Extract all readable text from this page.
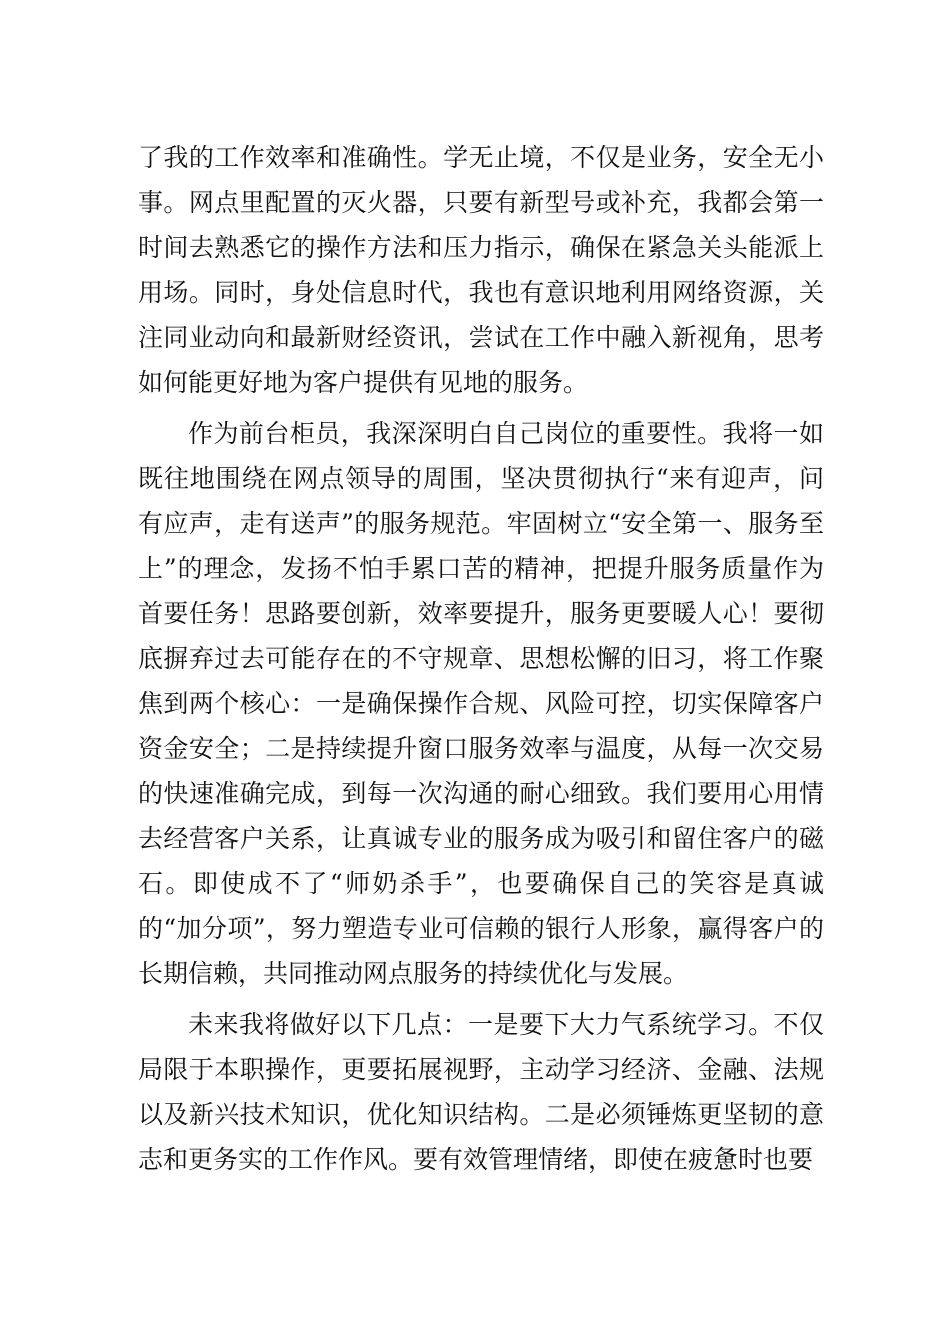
了我的工作效率和准确性。学无止境，不仅是业务，安全无小事。网点里配置的灭火器，只要有新型号或补充，我都会第一时间去熟悉它的操作方法和压力指示，确保在紧急关头能派上用场。同时，身处信息时代，我也有意识地利用网络资源，关注同业动向和最新财经资讯，尝试在工作中融入新视角，思考如何能更好地为客户提供有见地的服务。

作为前台柜员，我深深明白自己岗位的重要性。我将一如既往地围绕在网点领导的周围，坚决贯彻执行“来有迎声，问有应声，走有送声”的服务规范。牢固树立“安全第一、服务至上”的理念，发扬不怕手累口苦的精神，把提升服务质量作为首要任务！思路要创新，效率要提升，服务更要暖人心！要彻底摒弃过去可能存在的不守规章、思想松懈的旧习，将工作聚焦到两个核心：一是确保操作合规、风险可控，切实保障客户资金安全；二是持续提升窗口服务效率与温度，从每一次交易的快速准确完成，到每一次沟通的耐心细致。我们要用心用情去经营客户关系，让真诚专业的服务成为吸引和留住客户的磁石。即使成不了“师奶杀手”，也要确保自己的笑容是真诚的“加分项”，努力塑造专业可信赖的银行人形象，赢得客户的长期信赖，共同推动网点服务的持续优化与发展。

未来我将做好以下几点：一是要下大力气系统学习。不仅局限于本职操作，更要拓展视野，主动学习经济、金融、法规以及新兴技术知识，优化知识结构。二是必须锤炼更坚韧的意志和更务实的工作作风。要有效管理情绪，即使在疲惫时也要
